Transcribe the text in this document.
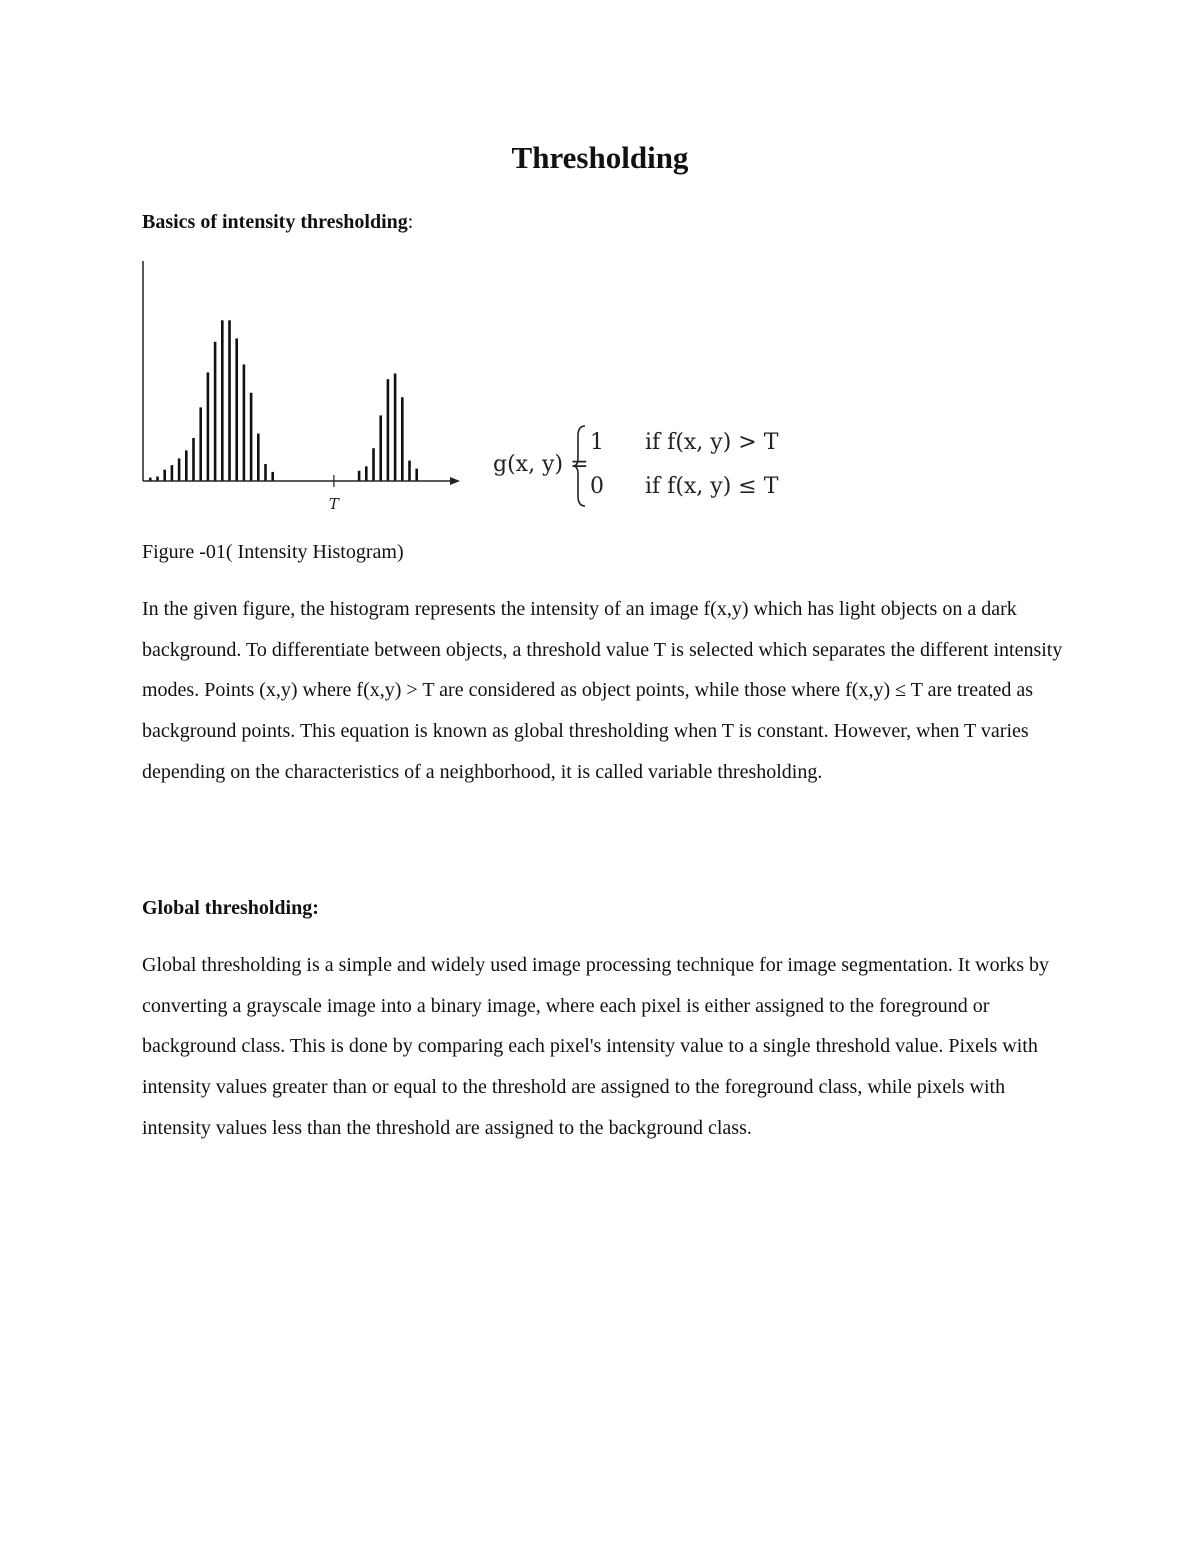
Thresholding
Basics of intensity thresholding:
T
g(x, y) =
1 if f(x, y) > T
0 if f(x, y) ≤ T

Figure -01( Intensity Histogram)

In the given figure, the histogram represents the intensity of an image f(x,y) which has light objects on a dark background. To differentiate between objects, a threshold value T is selected which separates the different intensity modes. Points (x,y) where f(x,y) > T are considered as object points, while those where f(x,y) ≤ T are treated as background points. This equation is known as global thresholding when T is constant. However, when T varies depending on the characteristics of a neighborhood, it is called variable thresholding.

Global thresholding:

Global thresholding is a simple and widely used image processing technique for image segmentation. It works by converting a grayscale image into a binary image, where each pixel is either assigned to the foreground or background class. This is done by comparing each pixel's intensity value to a single threshold value. Pixels with intensity values greater than or equal to the threshold are assigned to the foreground class, while pixels with intensity values less than the threshold are assigned to the background class.
